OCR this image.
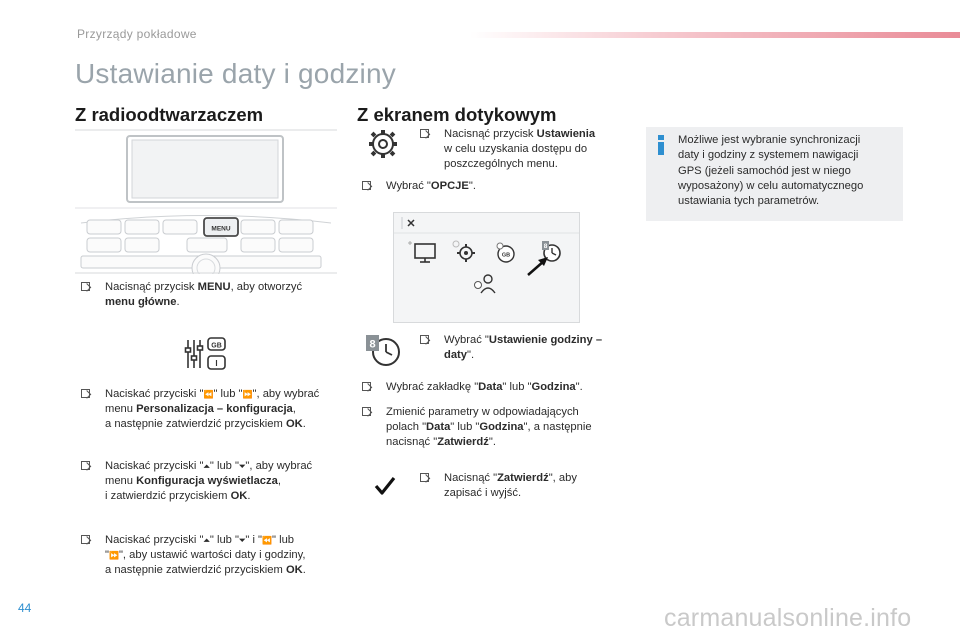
Przyrządy pokładowe
Ustawianie daty i godziny
Z radioodtwarzaczem	Z ekranem dotykowym
MENU
Nacisnąć przycisk MENU, aby otworzyć
menu główne.
GB
I
Naciskać przyciski "⏪" lub "⏩", aby wybrać
menu Personalizacja – konfiguracja,
a następnie zatwierdzić przyciskiem OK.
Naciskać przyciski "⏶" lub "⏷", aby wybrać
menu Konfiguracja wyświetlacza,
i zatwierdzić przyciskiem OK.
Naciskać przyciski "⏶" lub "⏷" i "⏪" lub
"⏩", aby ustawić wartości daty i godziny,
a następnie zatwierdzić przyciskiem OK.
Nacisnąć przycisk Ustawienia
w celu uzyskania dostępu do
poszczególnych menu.
Wybrać "OPCJE".
GB
8
8	Wybrać "Ustawienie godziny –
daty".
Wybrać zakładkę "Data" lub "Godzina".
Zmienić parametry w odpowiadających
polach "Data" lub "Godzina", a następnie
nacisnąć "Zatwierdź".
Nacisnąć "Zatwierdź", aby
zapisać i wyjść.
Możliwe jest wybranie synchronizacji
daty i godziny z systemem nawigacji
GPS (jeżeli samochód jest w niego
wyposażony) w celu automatycznego
ustawiania tych parametrów.
44	carmanualsonline.info
